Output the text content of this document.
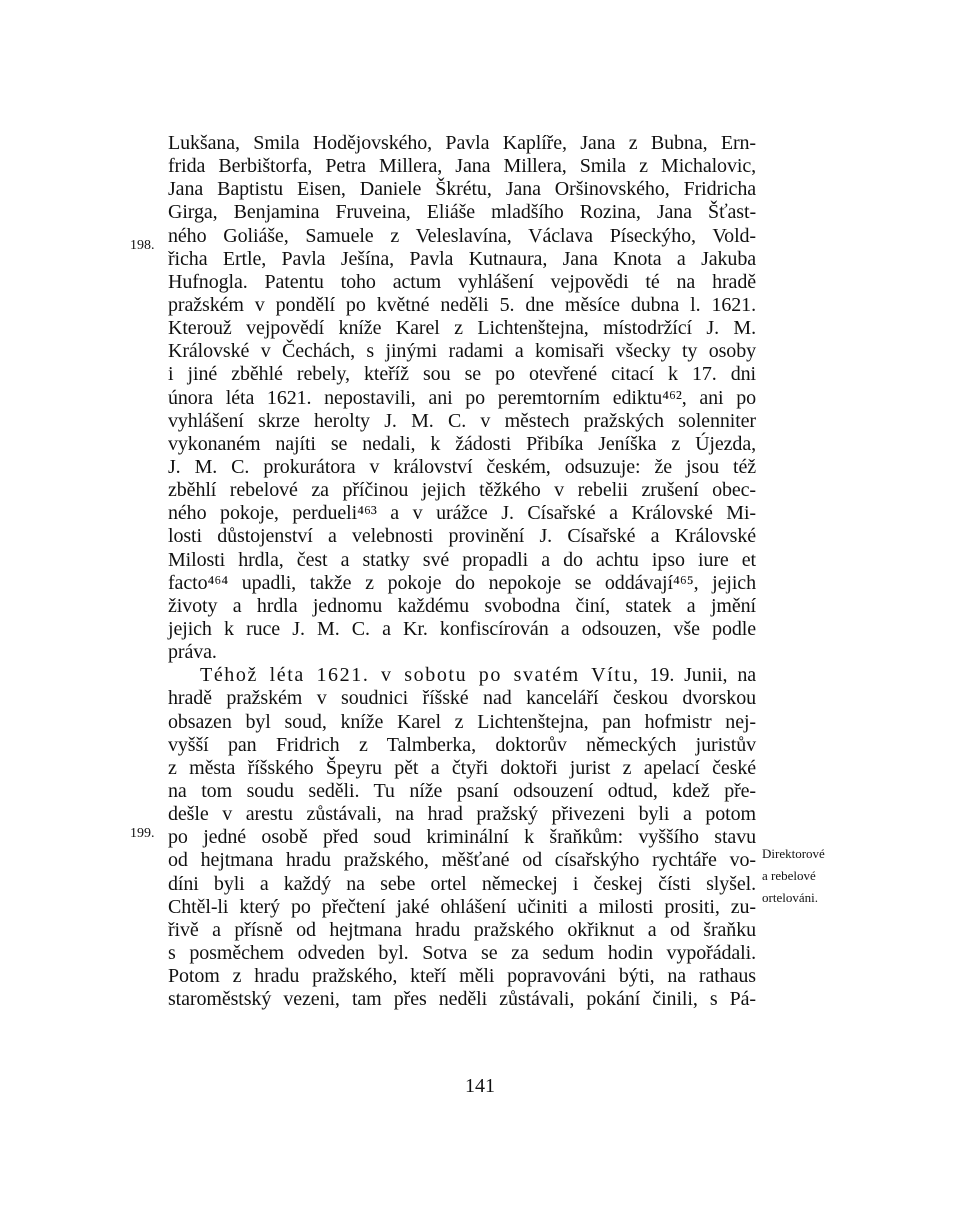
198.
199.
Lukšana, Smila Hodějovského, Pavla Kaplíře, Jana z Bubna, Ern-
frida Berbištorfa, Petra Millera, Jana Millera, Smila z Michalovic,
Jana Baptistu Eisen, Daniele Škrétu, Jana Oršinovského, Fridricha
Girga, Benjamina Fruveina, Eliáše mladšího Rozina, Jana Šťast-
ného Goliáše, Samuele z Veleslavína, Václava Píseckýho, Vold-
řicha Ertle, Pavla Ješína, Pavla Kutnaura, Jana Knota a Jakuba
Hufnogla. Patentu toho actum vyhlášení vejpovědi té na hradě
pražském v pondělí po květné neděli 5. dne měsíce dubna l. 1621.
Kterouž vejpovědí kníže Karel z Lichtenštejna, místodržící J. M.
Královské v Čechách, s jinými radami a komisaři všecky ty osoby
i jiné zběhlé rebely, kteříž sou se po otevřené citací k 17. dni
února léta 1621. nepostavili, ani po peremtorním ediktu⁴⁶², ani po
vyhlášení skrze herolty J. M. C. v městech pražských solenniter
vykonaném najíti se nedali, k žádosti Přibíka Jeníška z Újezda,
J. M. C. prokurátora v království českém, odsuzuje: že jsou též
zběhlí rebelové za příčinou jejich těžkého v rebelii zrušení obec-
ného pokoje, perdueli⁴⁶³ a v urážce J. Císařské a Královské Mi-
losti důstojenství a velebnosti provinění J. Císařské a Královské
Milosti hrdla, čest a statky své propadli a do achtu ipso iure et
facto⁴⁶⁴ upadli, takže z pokoje do nepokoje se oddávají⁴⁶⁵, jejich
životy a hrdla jednomu každému svobodna činí, statek a jmění
jejich k ruce J. M. C. a Kr. konfiscírován a odsouzen, vše podle
práva.
Téhož léta 1621. v sobotu po svatém Vítu, 19. Junii, na
hradě pražském v soudnici říšské nad kanceláří českou dvorskou
obsazen byl soud, kníže Karel z Lichtenštejna, pan hofmistr nej-
vyšší pan Fridrich z Talmberka, doktorův německých juristův
z města říšského Špeyru pět a čtyři doktoři jurist z apelací české
na tom soudu seděli. Tu níže psaní odsouzení odtud, kdež pře-
dešle v arestu zůstávali, na hrad pražský přivezeni byli a potom
po jedné osobě před soud kriminální k šraňkům: vyššího stavu
od hejtmana hradu pražského, měšťané od císařskýho rychtáře vo-
díni byli a každý na sebe ortel německej i českej čísti slyšel.
Chtěl-li který po přečtení jaké ohlášení učiniti a milosti prositi, zu-
řivě a přísně od hejtmana hradu pražského okřiknut a od šraňku
s posměchem odveden byl. Sotva se za sedum hodin vypořádali.
Potom z hradu pražského, kteří měli popravováni býti, na rathaus
staroměstský vezeni, tam přes neděli zůstávali, pokání činili, s Pá-
Direktorové
a rebelové
ortelováni.
141
